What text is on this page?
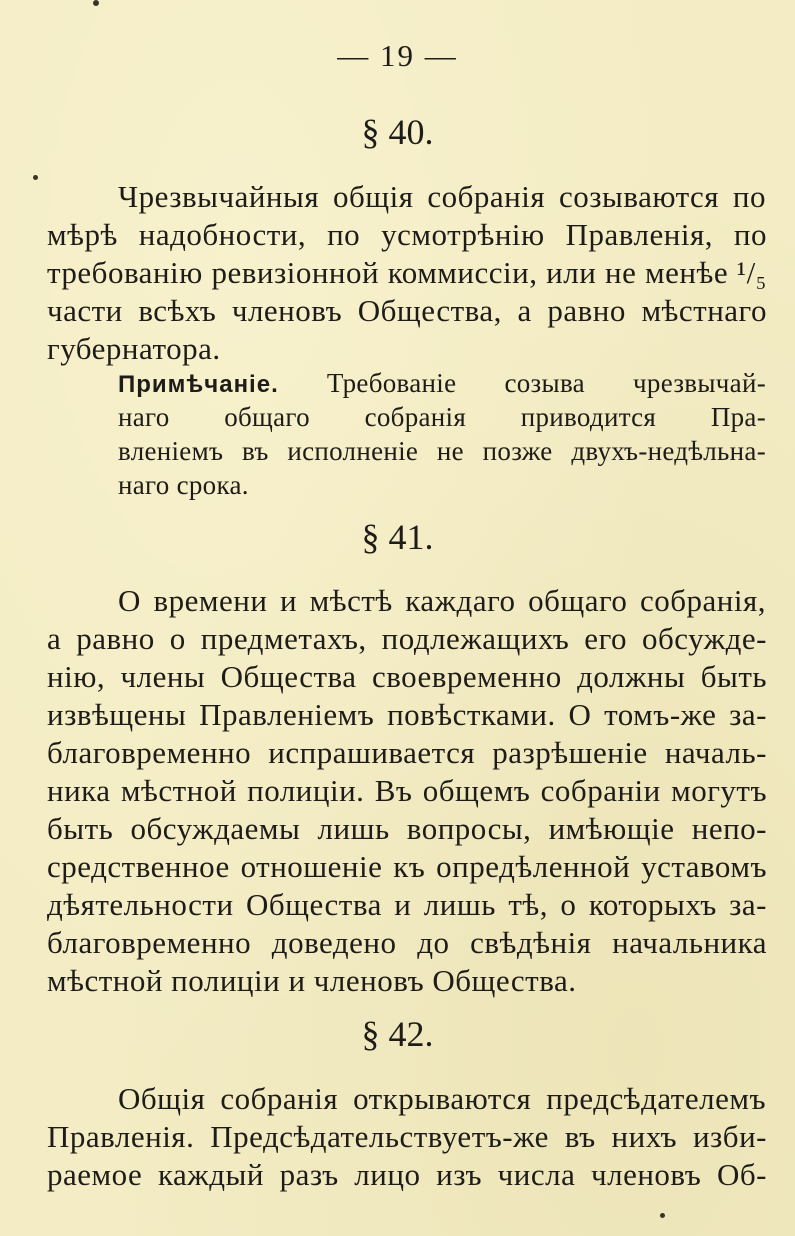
— 19 —
§ 40.
Чрезвычайныя общія собранія созываются по
мѣрѣ надобности, по усмотрѣнію Правленія, по
требованію ревизіонной коммиссіи, или не менѣе ¹/₅
части всѣхъ членовъ Общества, а равно мѣстнаго
губернатора.
Примѣчаніе. Требованіе созыва чрезвычай-
наго общаго собранія приводится Пра-
вленіемъ въ исполненіе не позже двухъ-недѣльна-
наго срока.
§ 41.
О времени и мѣстѣ каждаго общаго собранія,
а равно о предметахъ, подлежащихъ его обсужде-
нію, члены Общества своевременно должны быть
извѣщены Правленіемъ повѣстками. О томъ-же за-
благовременно испрашивается разрѣшеніе началь-
ника мѣстной полиціи. Въ общемъ собраніи могутъ
быть обсуждаемы лишь вопросы, имѣющіе непо-
средственное отношеніе къ опредѣленной уставомъ
дѣятельности Общества и лишь тѣ, о которыхъ за-
благовременно доведено до свѣдѣнія начальника
мѣстной полиціи и членовъ Общества.
§ 42.
Общія собранія открываются предсѣдателемъ
Правленія. Предсѣдательствуетъ-же въ нихъ изби-
раемое каждый разъ лицо изъ числа членовъ Об-
